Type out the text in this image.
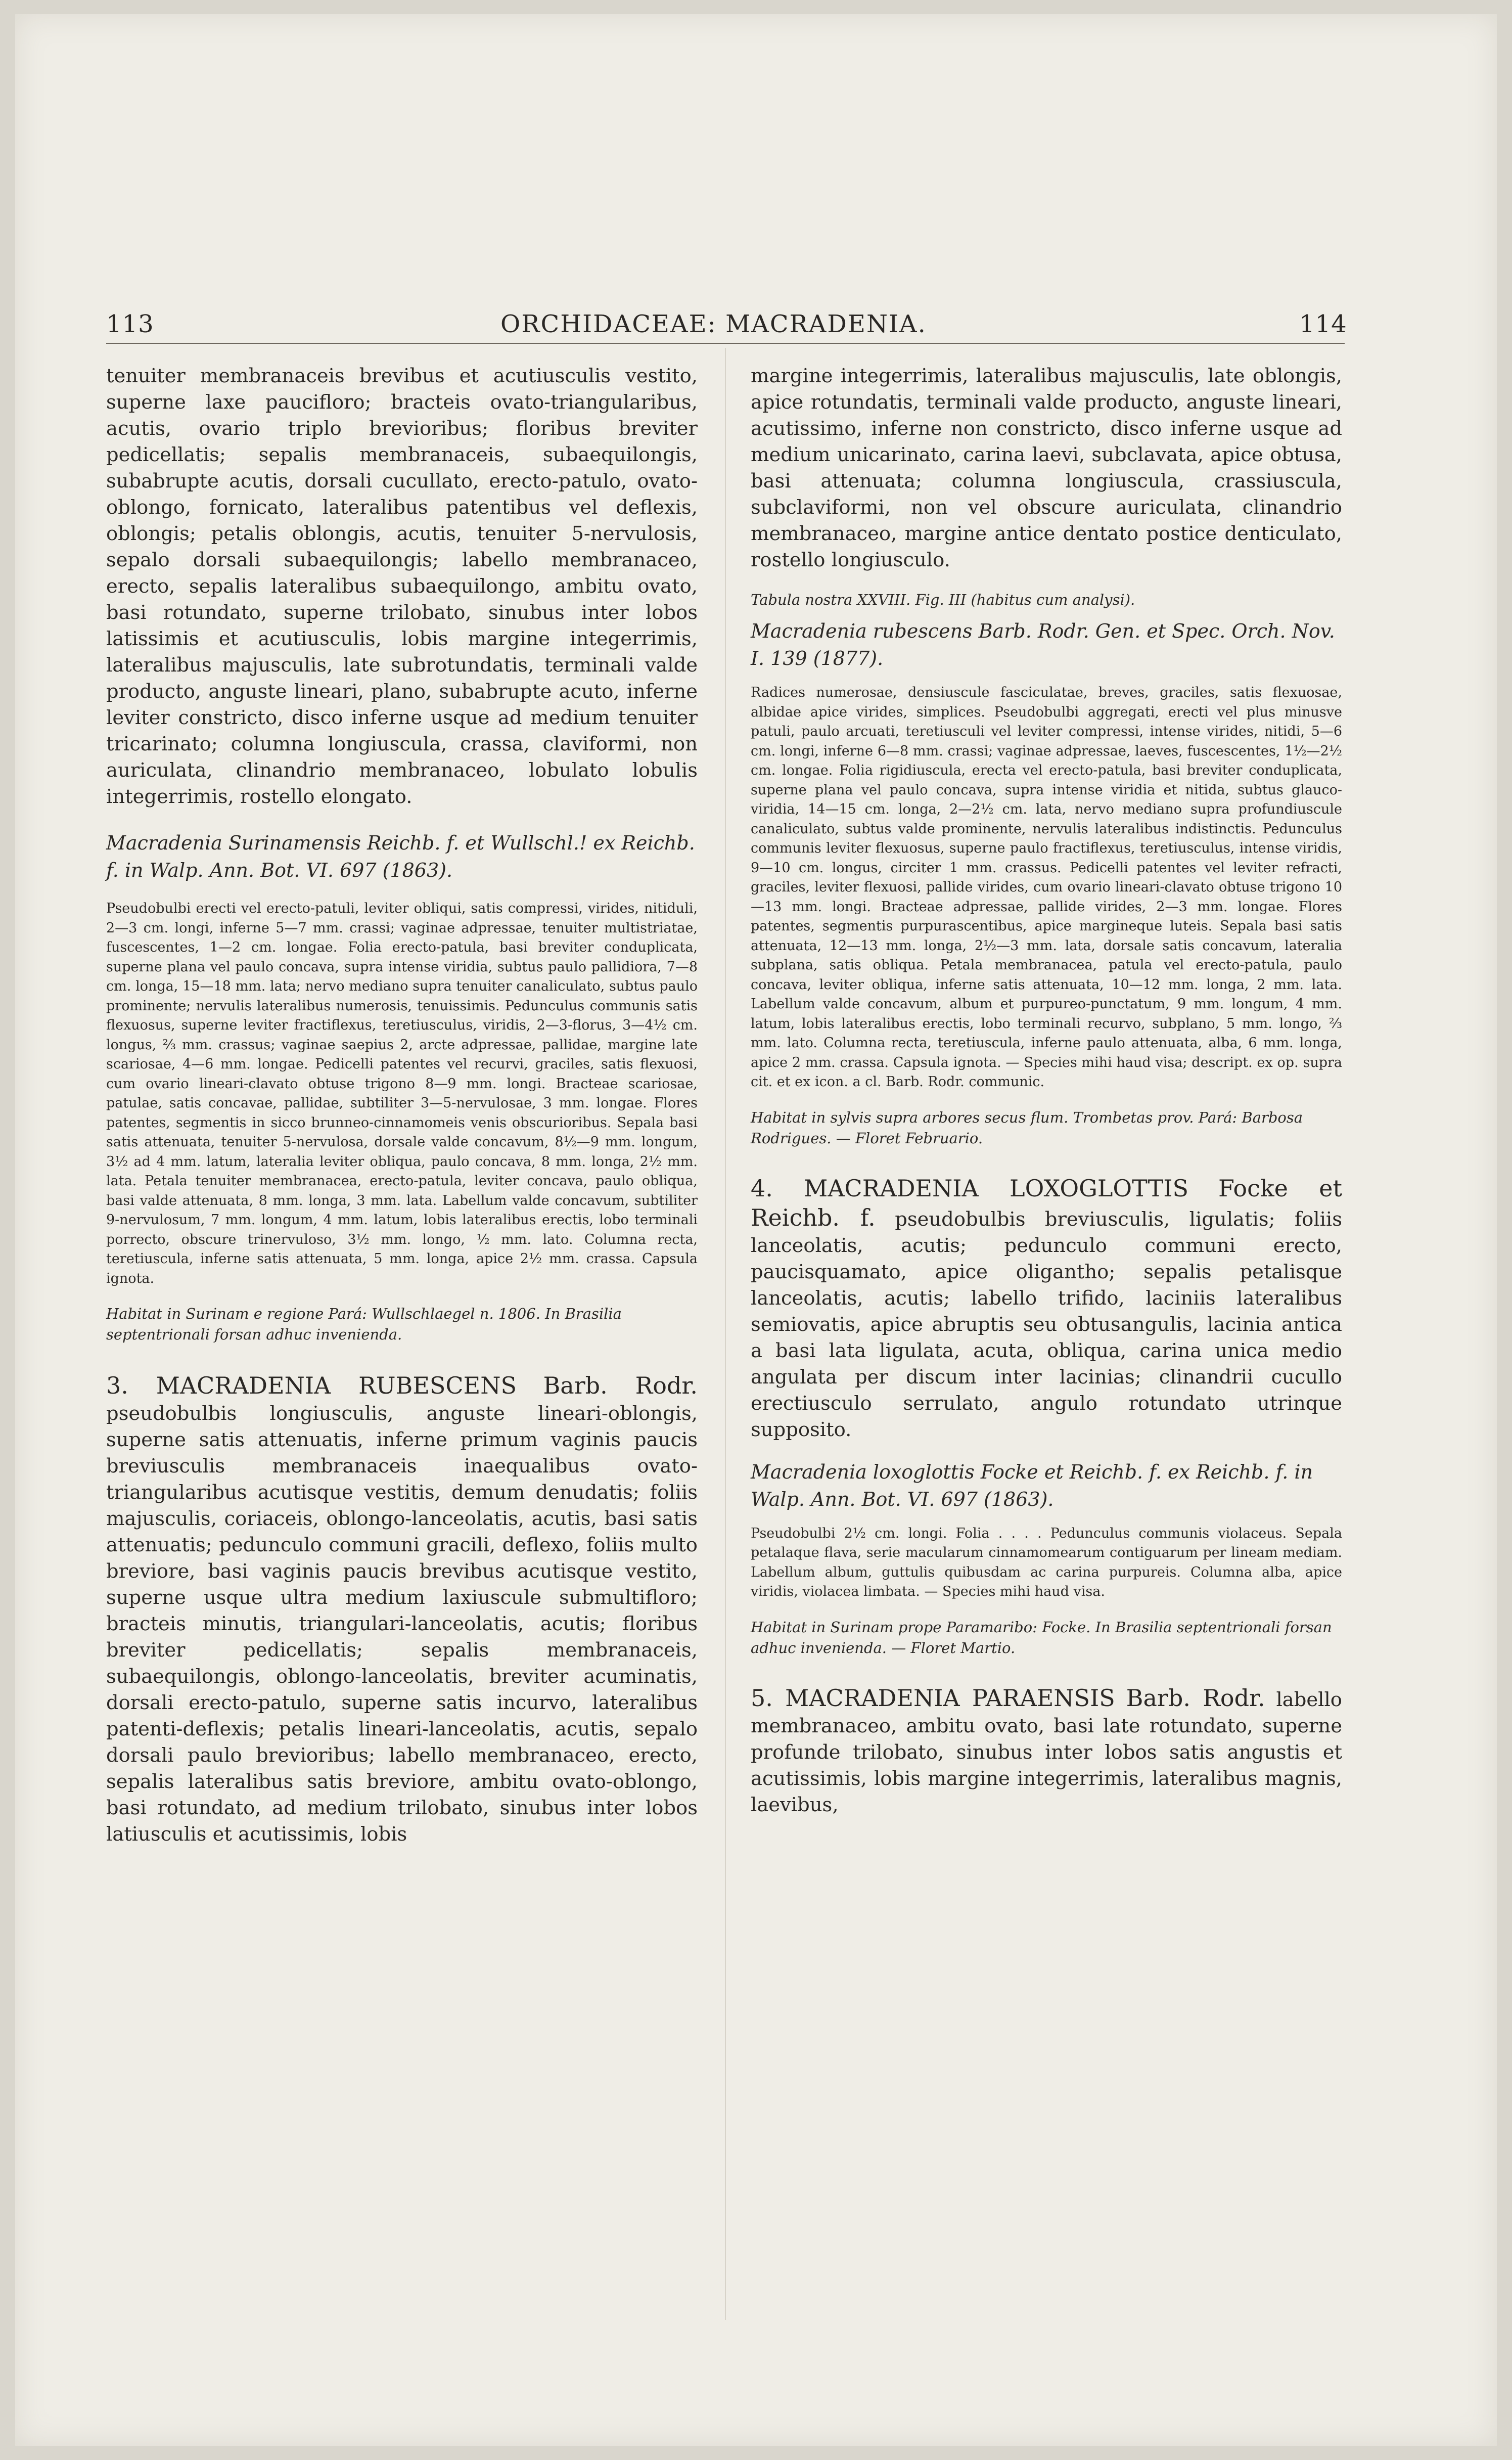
113	ORCHIDACEAE: MACRADENIA.	114

tenuiter membranaceis brevibus et acutiusculis vestito, superne laxe paucifloro; bracteis ovato-triangularibus, acutis, ovario triplo brevioribus; floribus breviter pedicellatis; sepalis membranaceis, subaequilongis, subabrupte acutis, dorsali cucullato, erecto-patulo, ovato-oblongo, fornicato, lateralibus patentibus vel deflexis, oblongis; petalis oblongis, acutis, tenuiter 5-nervulosis, sepalo dorsali subaequilongis; labello membranaceo, erecto, sepalis lateralibus subaequilongo, ambitu ovato, basi rotundato, superne trilobato, sinubus inter lobos latissimis et acutiusculis, lobis margine integerrimis, lateralibus majusculis, late subrotundatis, terminali valde producto, anguste lineari, plano, subabrupte acuto, inferne leviter constricto, disco inferne usque ad medium tenuiter tricarinato; columna longiuscula, crassa, claviformi, non auriculata, clinandrio membranaceo, lobulato lobulis integerrimis, rostello elongato.

Macradenia Surinamensis Reichb. f. et Wullschl.! ex Reichb. f. in Walp. Ann. Bot. VI. 697 (1863).

Pseudobulbi erecti vel erecto-patuli, leviter obliqui, satis compressi, virides, nitiduli, 2—3 cm. longi, inferne 5—7 mm. crassi; vaginae adpressae, tenuiter multistriatae, fuscescentes, 1—2 cm. longae. Folia erecto-patula, basi breviter conduplicata, superne plana vel paulo concava, supra intense viridia, subtus paulo pallidiora, 7—8 cm. longa, 15—18 mm. lata; nervo mediano supra tenuiter canaliculato, subtus paulo prominente; nervulis lateralibus numerosis, tenuissimis. Pedunculus communis satis flexuosus, superne leviter fractiflexus, teretiusculus, viridis, 2—3-florus, 3—4½ cm. longus, ⅔ mm. crassus; vaginae saepius 2, arcte adpressae, pallidae, margine late scariosae, 4—6 mm. longae. Pedicelli patentes vel recurvi, graciles, satis flexuosi, cum ovario lineari-clavato obtuse trigono 8—9 mm. longi. Bracteae scariosae, patulae, satis concavae, pallidae, subtiliter 3—5-nervulosae, 3 mm. longae. Flores patentes, segmentis in sicco brunneo-cinnamomeis venis obscurioribus. Sepala basi satis attenuata, tenuiter 5-nervulosa, dorsale valde concavum, 8½—9 mm. longum, 3½ ad 4 mm. latum, lateralia leviter obliqua, paulo concava, 8 mm. longa, 2½ mm. lata. Petala tenuiter membranacea, erecto-patula, leviter concava, paulo obliqua, basi valde attenuata, 8 mm. longa, 3 mm. lata. Labellum valde concavum, subtiliter 9-nervulosum, 7 mm. longum, 4 mm. latum, lobis lateralibus erectis, lobo terminali porrecto, obscure trinervuloso, 3½ mm. longo, ½ mm. lato. Columna recta, teretiuscula, inferne satis attenuata, 5 mm. longa, apice 2½ mm. crassa. Capsula ignota.

Habitat in Surinam e regione Pará: Wullschlaegel n. 1806. In Brasilia septentrionali forsan adhuc invenienda.

3. MACRADENIA RUBESCENS Barb. Rodr. pseudobulbis longiusculis, anguste lineari-oblongis, superne satis attenuatis, inferne primum vaginis paucis breviusculis membranaceis inaequalibus ovato-triangularibus acutisque vestitis, demum denudatis; foliis majusculis, coriaceis, oblongo-lanceolatis, acutis, basi satis attenuatis; pedunculo communi gracili, deflexo, foliis multo breviore, basi vaginis paucis brevibus acutisque vestito, superne usque ultra medium laxiuscule submultifloro; bracteis minutis, triangulari-lanceolatis, acutis; floribus breviter pedicellatis; sepalis membranaceis, subaequilongis, oblongo-lanceolatis, breviter acuminatis, dorsali erecto-patulo, superne satis incurvo, lateralibus patenti-deflexis; petalis lineari-lanceolatis, acutis, sepalo dorsali paulo brevioribus; labello membranaceo, erecto, sepalis lateralibus satis breviore, ambitu ovato-oblongo, basi rotundato, ad medium trilobato, sinubus inter lobos latiusculis et acutissimis, lobis

margine integerrimis, lateralibus majusculis, late oblongis, apice rotundatis, terminali valde producto, anguste lineari, acutissimo, inferne non constricto, disco inferne usque ad medium unicarinato, carina laevi, subclavata, apice obtusa, basi attenuata; columna longiuscula, crassiuscula, subclaviformi, non vel obscure auriculata, clinandrio membranaceo, margine antice dentato postice denticulato, rostello longiusculo.

Tabula nostra XXVIII. Fig. III (habitus cum analysi).

Macradenia rubescens Barb. Rodr. Gen. et Spec. Orch. Nov. I. 139 (1877).

Radices numerosae, densiuscule fasciculatae, breves, graciles, satis flexuosae, albidae apice virides, simplices. Pseudobulbi aggregati, erecti vel plus minusve patuli, paulo arcuati, teretiusculi vel leviter compressi, intense virides, nitidi, 5—6 cm. longi, inferne 6—8 mm. crassi; vaginae adpressae, laeves, fuscescentes, 1½—2½ cm. longae. Folia rigidiuscula, erecta vel erecto-patula, basi breviter conduplicata, superne plana vel paulo concava, supra intense viridia et nitida, subtus glauco-viridia, 14—15 cm. longa, 2—2½ cm. lata, nervo mediano supra profundiuscule canaliculato, subtus valde prominente, nervulis lateralibus indistinctis. Pedunculus communis leviter flexuosus, superne paulo fractiflexus, teretiusculus, intense viridis, 9—10 cm. longus, circiter 1 mm. crassus. Pedicelli patentes vel leviter refracti, graciles, leviter flexuosi, pallide virides, cum ovario lineari-clavato obtuse trigono 10—13 mm. longi. Bracteae adpressae, pallide virides, 2—3 mm. longae. Flores patentes, segmentis purpurascentibus, apice margineque luteis. Sepala basi satis attenuata, 12—13 mm. longa, 2½—3 mm. lata, dorsale satis concavum, lateralia subplana, satis obliqua. Petala membranacea, patula vel erecto-patula, paulo concava, leviter obliqua, inferne satis attenuata, 10—12 mm. longa, 2 mm. lata. Labellum valde concavum, album et purpureo-punctatum, 9 mm. longum, 4 mm. latum, lobis lateralibus erectis, lobo terminali recurvo, subplano, 5 mm. longo, ⅔ mm. lato. Columna recta, teretiuscula, inferne paulo attenuata, alba, 6 mm. longa, apice 2 mm. crassa. Capsula ignota. — Species mihi haud visa; descript. ex op. supra cit. et ex icon. a cl. Barb. Rodr. communic.

Habitat in sylvis supra arbores secus flum. Trombetas prov. Pará: Barbosa Rodrigues. — Floret Februario.

4. MACRADENIA LOXOGLOTTIS Focke et Reichb. f. pseudobulbis breviusculis, ligulatis; foliis lanceolatis, acutis; pedunculo communi erecto, paucisquamato, apice oligantho; sepalis petalisque lanceolatis, acutis; labello trifido, laciniis lateralibus semiovatis, apice abruptis seu obtusangulis, lacinia antica a basi lata ligulata, acuta, obliqua, carina unica medio angulata per discum inter lacinias; clinandrii cucullo erectiusculo serrulato, angulo rotundato utrinque supposito.

Macradenia loxoglottis Focke et Reichb. f. ex Reichb. f. in Walp. Ann. Bot. VI. 697 (1863).

Pseudobulbi 2½ cm. longi. Folia . . . . Pedunculus communis violaceus. Sepala petalaque flava, serie macularum cinnamomearum contiguarum per lineam mediam. Labellum album, guttulis quibusdam ac carina purpureis. Columna alba, apice viridis, violacea limbata. — Species mihi haud visa.

Habitat in Surinam prope Paramaribo: Focke. In Brasilia septentrionali forsan adhuc invenienda. — Floret Martio.

5. MACRADENIA PARAENSIS Barb. Rodr. labello membranaceo, ambitu ovato, basi late rotundato, superne profunde trilobato, sinubus inter lobos satis angustis et acutissimis, lobis margine integerrimis, lateralibus magnis, laevibus,
